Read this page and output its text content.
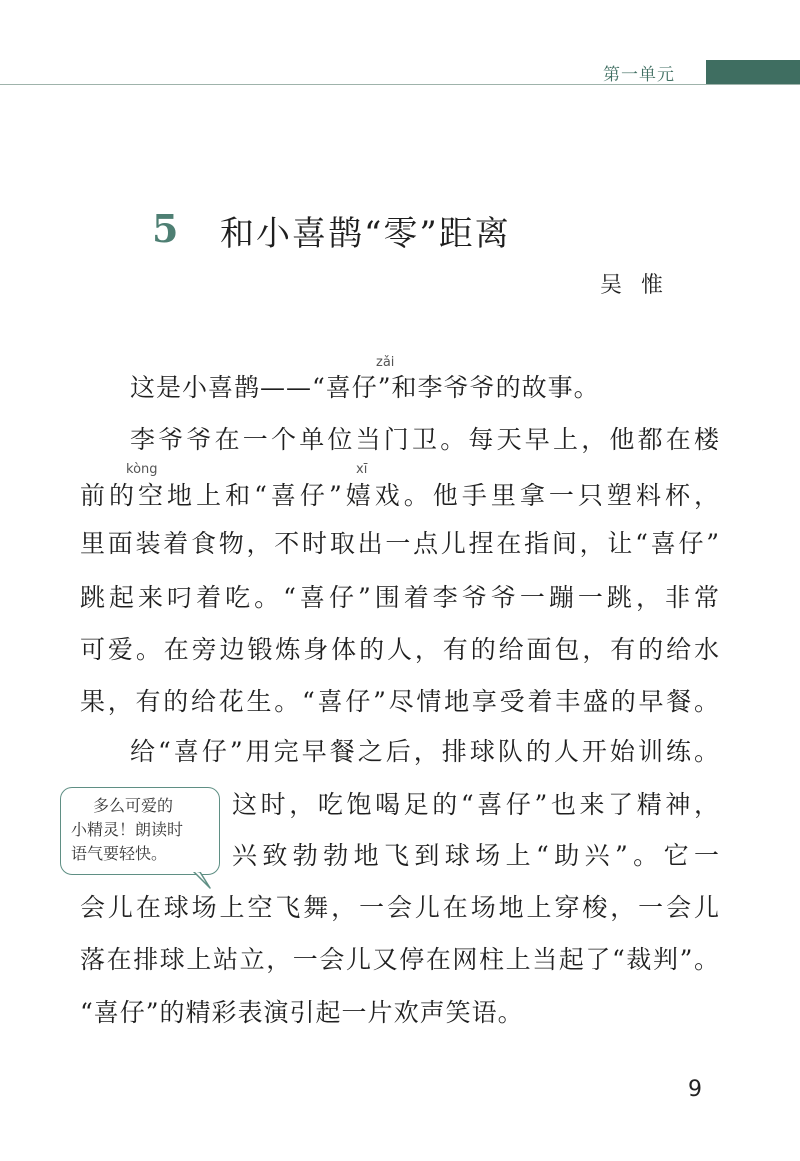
第一单元
5 和小喜鹊“零”距离
吴 惟
zǎi
kòng	xī
这是小喜鹊——“喜仔”和李爷爷的故事。
李爷爷在一个单位当门卫。每天早上，他都在楼
前的空地上和“喜仔”嬉戏。他手里拿一只塑料杯，
里面装着食物，不时取出一点儿捏在指间，让“喜仔”
跳起来叼着吃。“喜仔”围着李爷爷一蹦一跳，非常
可爱。在旁边锻炼身体的人，有的给面包，有的给水
果，有的给花生。“喜仔”尽情地享受着丰盛的早餐。
给“喜仔”用完早餐之后，排球队的人开始训练。
这时，吃饱喝足的“喜仔”也来了精神，
兴致勃勃地飞到球场上“助兴”。它一
会儿在球场上空飞舞，一会儿在场地上穿梭，一会儿
落在排球上站立，一会儿又停在网柱上当起了“裁判”。
“喜仔”的精彩表演引起一片欢声笑语。
多么可爱的
小精灵！朗读时
语气要轻快。
9
